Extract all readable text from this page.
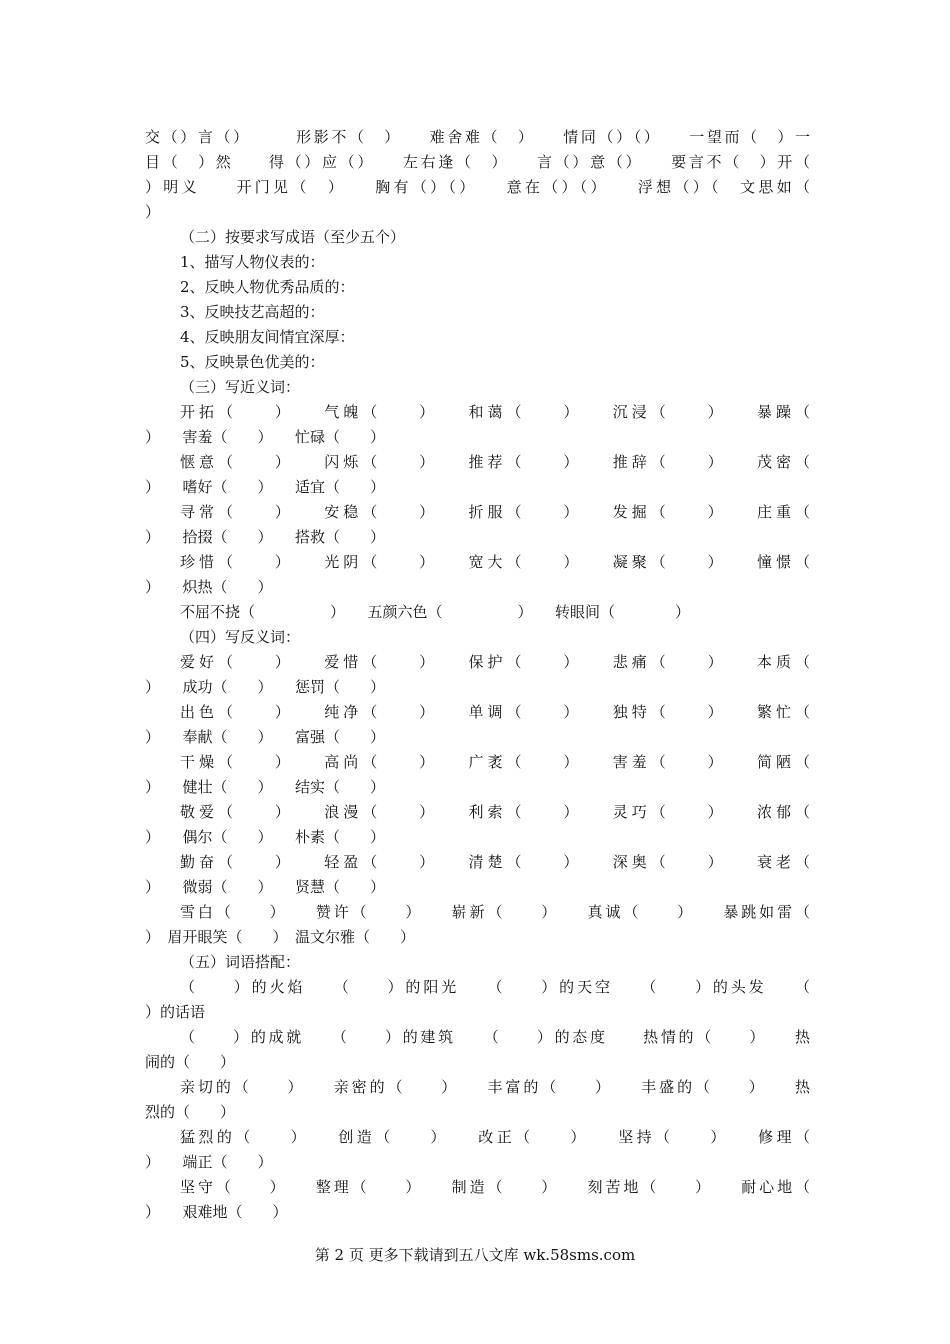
交（）言（）　　　形影不（　）　　难舍难（　）　　情同（）（）　　一望而（　）一
目（　）然　　得（）应（）　　左右逢（　）　　言（）意（）　　要言不（　）开（
）明义　　开门见（　）　　胸有（）（）　　意在（）（）　　浮想（）（　文思如（
）
（二）按要求写成语（至少五个）
1、描写人物仪表的：
2、反映人物优秀品质的：
3、反映技艺高超的：
4、反映朋友间情宜深厚：
5、反映景色优美的：
（三）写近义词：
开拓（　　）　　气魄（　　）　　和蔼（　　）　　沉浸（　　）　　暴躁（
）　　害羞（　　）　　忙碌（　　）
惬意（　　）　　闪烁（　　）　　推荐（　　）　　推辞（　　）　　茂密（
）　　嗜好（　　）　　适宜（　　）
寻常（　　）　　安稳（　　）　　折服（　　）　　发掘（　　）　　庄重（
）　　拾掇（　　）　　搭救（　　）
珍惜（　　）　　光阴（　　）　　宽大（　　）　　凝聚（　　）　　憧憬（
）　　炽热（　　）
不屈不挠（　　　　　）　　五颜六色（　　　　　）　　转眼间（　　　　）
（四）写反义词：
爱好（　　）　　爱惜（　　）　　保护（　　）　　悲痛（　　）　　本质（
）　　成功（　　）　　惩罚（　　）
出色（　　）　　纯净（　　）　　单调（　　）　　独特（　　）　　繁忙（
）　　奉献（　　）　　富强（　　）
干燥（　　）　　高尚（　　）　　广袤（　　）　　害羞（　　）　　简陋（
）　　健壮（　　）　　结实（　　）
敬爱（　　）　　浪漫（　　）　　利索（　　）　　灵巧（　　）　　浓郁（
）　　偶尔（　　）　　朴素（　　）
勤奋（　　）　　轻盈（　　）　　清楚（　　）　　深奥（　　）　　衰老（
）　　微弱（　　）　　贤慧（　　）
雪白（　　）　　赞许（　　）　　崭新（　　）　　真诚（　　）　　暴跳如雷（
）　眉开眼笑（　　）　温文尔雅（　　）
（五）词语搭配：
（　　）的火焰　　（　　）的阳光　　（　　）的天空　　（　　）的头发　　（
）的话语
（　　）的成就　　（　　）的建筑　　（　　）的态度　　热情的（　　）　　热
闹的（　　）
亲切的（　　）　　亲密的（　　）　　丰富的（　　）　　丰盛的（　　）　　热
烈的（　　）
猛烈的（　　）　　创造（　　）　　改正（　　）　　坚持（　　）　　修理（
）　　端正（　　）
坚守（　　）　　整理（　　）　　制造（　　）　　刻苦地（　　）　　耐心地（
）　　艰难地（　　）
第 2 页 更多下载请到五八文库 wk.58sms.com
